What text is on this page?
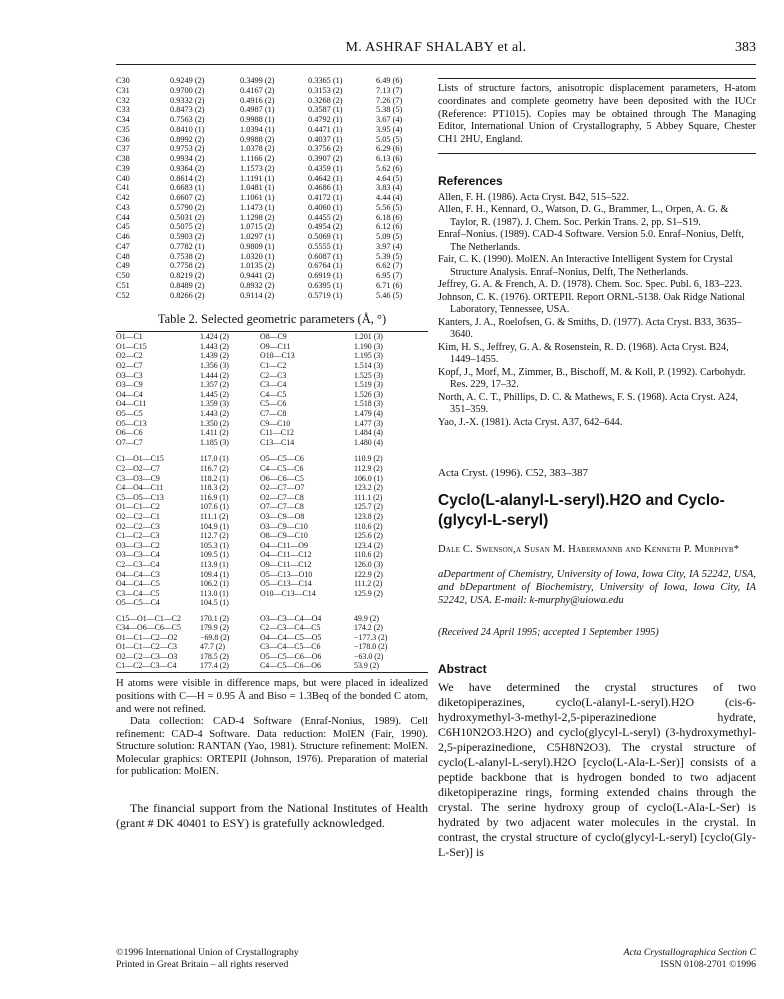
M. ASHRAF SHALABY et al.	383
C30	0.9249 (2)	0.3499 (2)	0.3365 (1)	6.49 (6)
C31	0.9700 (2)	0.4167 (2)	0.3153 (2)	7.13 (7)
C32	0.9332 (2)	0.4916 (2)	0.3268 (2)	7.26 (7)
C33	0.8473 (2)	0.4987 (1)	0.3587 (1)	5.38 (5)
C34	0.7563 (2)	0.9988 (1)	0.4792 (1)	3.67 (4)
C35	0.8410 (1)	1.0394 (1)	0.4471 (1)	3.95 (4)
C36	0.8992 (2)	0.9988 (2)	0.4037 (1)	5.05 (5)
C37	0.9753 (2)	1.0378 (2)	0.3756 (2)	6.29 (6)
C38	0.9934 (2)	1.1166 (2)	0.3907 (2)	6.13 (6)
C39	0.9364 (2)	1.1573 (2)	0.4359 (1)	5.62 (6)
C40	0.8614 (2)	1.1191 (1)	0.4642 (1)	4.64 (5)
C41	0.6683 (1)	1.0481 (1)	0.4686 (1)	3.83 (4)
C42	0.6607 (2)	1.1061 (1)	0.4172 (1)	4.44 (4)
C43	0.5790 (2)	1.1473 (1)	0.4060 (1)	5.56 (5)
C44	0.5031 (2)	1.1298 (2)	0.4455 (2)	6.18 (6)
C45	0.5075 (2)	1.0715 (2)	0.4954 (2)	6.12 (6)
C46	0.5903 (2)	1.0297 (1)	0.5069 (1)	5.09 (5)
C47	0.7782 (1)	0.9809 (1)	0.5555 (1)	3.97 (4)
C48	0.7538 (2)	1.0320 (1)	0.6087 (1)	5.39 (5)
C49	0.7758 (2)	1.0135 (2)	0.6764 (1)	6.62 (7)
C50	0.8219 (2)	0.9441 (2)	0.6919 (1)	6.95 (7)
C51	0.8489 (2)	0.8932 (2)	0.6395 (1)	6.71 (6)
C52	0.8266 (2)	0.9114 (2)	0.5719 (1)	5.46 (5)
Table 2. Selected geometric parameters (Å, °)
O1—C1	1.424 (2)	O8—C9	1.201 (3)
O1—C15	1.443 (2)	O9—C11	1.190 (3)
O2—C2	1.439 (2)	O10—C13	1.195 (3)
O2—C7	1.356 (3)	C1—C2	1.514 (3)
O3—C3	1.444 (2)	C2—C3	1.525 (3)
O3—C9	1.357 (2)	C3—C4	1.519 (3)
O4—C4	1.445 (2)	C4—C5	1.526 (3)
O4—C11	1.359 (3)	C5—C6	1.518 (3)
O5—C5	1.443 (2)	C7—C8	1.479 (4)
O5—C13	1.350 (2)	C9—C10	1.477 (3)
O6—C6	1.411 (2)	C11—C12	1.484 (4)
O7—C7	1.185 (3)	C13—C14	1.480 (4)
C1—O1—C15	117.0 (1)	O5—C5—C6	110.9 (2)
C2—O2—C7	116.7 (2)	C4—C5—C6	112.9 (2)
C3—O3—C9	118.2 (1)	O6—C6—C5	106.0 (1)
C4—O4—C11	118.3 (2)	O2—C7—O7	123.2 (2)
C5—O5—C13	116.9 (1)	O2—C7—C8	111.1 (2)
O1—C1—C2	107.6 (1)	O7—C7—C8	125.7 (2)
O2—C2—C1	111.1 (2)	O3—C9—O8	123.8 (2)
O2—C2—C3	104.9 (1)	O3—C9—C10	110.6 (2)
C1—C2—C3	112.7 (2)	O8—C9—C10	125.6 (2)
O3—C3—C2	105.3 (1)	O4—C11—O9	123.4 (2)
O3—C3—C4	109.5 (1)	O4—C11—C12	110.6 (2)
C2—C3—C4	113.9 (1)	O9—C11—C12	126.0 (3)
O4—C4—C3	109.4 (1)	O5—C13—O10	122.9 (2)
O4—C4—C5	106.2 (1)	O5—C13—C14	111.2 (2)
C3—C4—C5	113.0 (1)	O10—C13—C14	125.9 (2)
O5—C5—C4	104.5 (1)		
C15—O1—C1—C2	170.1 (2)	O3—C3—C4—O4	49.9 (2)
C34—O6—C6—C5	179.9 (2)	C2—C3—C4—C5	174.2 (2)
O1—C1—C2—O2	−69.8 (2)	O4—C4—C5—O5	−177.3 (2)
O1—C1—C2—C3	47.7 (2)	C3—C4—C5—C6	−178.0 (2)
O2—C2—C3—O3	178.5 (2)	O5—C5—C6—O6	−63.0 (2)
C1—C2—C3—C4	177.4 (2)	C4—C5—C6—O6	53.9 (2)

H atoms were visible in difference maps, but were placed in idealized positions with C—H = 0.95 Å and Biso = 1.3Beq of the bonded C atom, and were not refined.

Data collection: CAD-4 Software (Enraf-Nonius, 1989). Cell refinement: CAD-4 Software. Data reduction: MolEN (Fair, 1990). Structure solution: RANTAN (Yao, 1981). Structure refinement: MolEN. Molecular graphics: ORTEPII (Johnson, 1976). Preparation of material for publication: MolEN.

The financial support from the National Institutes of Health (grant # DK 40401 to ESY) is gratefully acknowledged.

©1996 International Union of Crystallography
Printed in Great Britain – all rights reserved

Lists of structure factors, anisotropic displacement parameters, H-atom coordinates and complete geometry have been deposited with the IUCr (Reference: PT1015). Copies may be obtained through The Managing Editor, International Union of Crystallography, 5 Abbey Square, Chester CH1 2HU, England.

References
Allen, F. H. (1986). Acta Cryst. B42, 515–522.
Allen, F. H., Kennard, O., Watson, D. G., Brammer, L., Orpen, A. G. & Taylor, R. (1987). J. Chem. Soc. Perkin Trans. 2, pp. S1–S19.
Enraf–Nonius. (1989). CAD-4 Software. Version 5.0. Enraf–Nonius, Delft, The Netherlands.
Fair, C. K. (1990). MolEN. An Interactive Intelligent System for Crystal Structure Analysis. Enraf–Nonius, Delft, The Netherlands.
Jeffrey, G. A. & French, A. D. (1978). Chem. Soc. Spec. Publ. 6, 183–223.
Johnson, C. K. (1976). ORTEPII. Report ORNL-5138. Oak Ridge National Laboratory, Tennessee, USA.
Kanters, J. A., Roelofsen, G. & Smiths, D. (1977). Acta Cryst. B33, 3635–3640.
Kim, H. S., Jeffrey, G. A. & Rosenstein, R. D. (1968). Acta Cryst. B24, 1449–1455.
Kopf, J., Morf, M., Zimmer, B., Bischoff, M. & Koll, P. (1992). Carbohydr. Res. 229, 17–32.
North, A. C. T., Phillips, D. C. & Mathews, F. S. (1968). Acta Cryst. A24, 351–359.
Yao, J.-X. (1981). Acta Cryst. A37, 642–644.
Acta Cryst. (1996). C52, 383–387
Cyclo(L-alanyl-L-seryl).H2O and Cyclo-(glycyl-L-seryl)
Dale C. Swenson,a Susan M. Habermannb and Kenneth P. Murphyb*
aDepartment of Chemistry, University of Iowa, Iowa City, IA 52242, USA, and bDepartment of Biochemistry, University of Iowa, Iowa City, IA 52242, USA. E-mail: k-murphy@uiowa.edu
(Received 24 April 1995; accepted 1 September 1995)
Abstract
We have determined the crystal structures of two diketopiperazines, cyclo(L-alanyl-L-seryl).H2O (cis-6-hydroxymethyl-3-methyl-2,5-piperazinedione hydrate, C6H10N2O3.H2O) and cyclo(glycyl-L-seryl) (3-hydroxymethyl-2,5-piperazinedione, C5H8N2O3). The crystal structure of cyclo(L-alanyl-L-seryl).H2O [cyclo(L-Ala-L-Ser)] consists of a peptide backbone that is hydrogen bonded to two adjacent diketopiperazine rings, forming extended chains through the crystal. The serine hydroxy group of cyclo(L-Ala-L-Ser) is hydrated by two adjacent water molecules in the crystal. In contrast, the crystal structure of cyclo(glycyl-L-seryl) [cyclo(Gly-L-Ser)] is
Acta Crystallographica Section C
ISSN 0108-2701 ©1996
